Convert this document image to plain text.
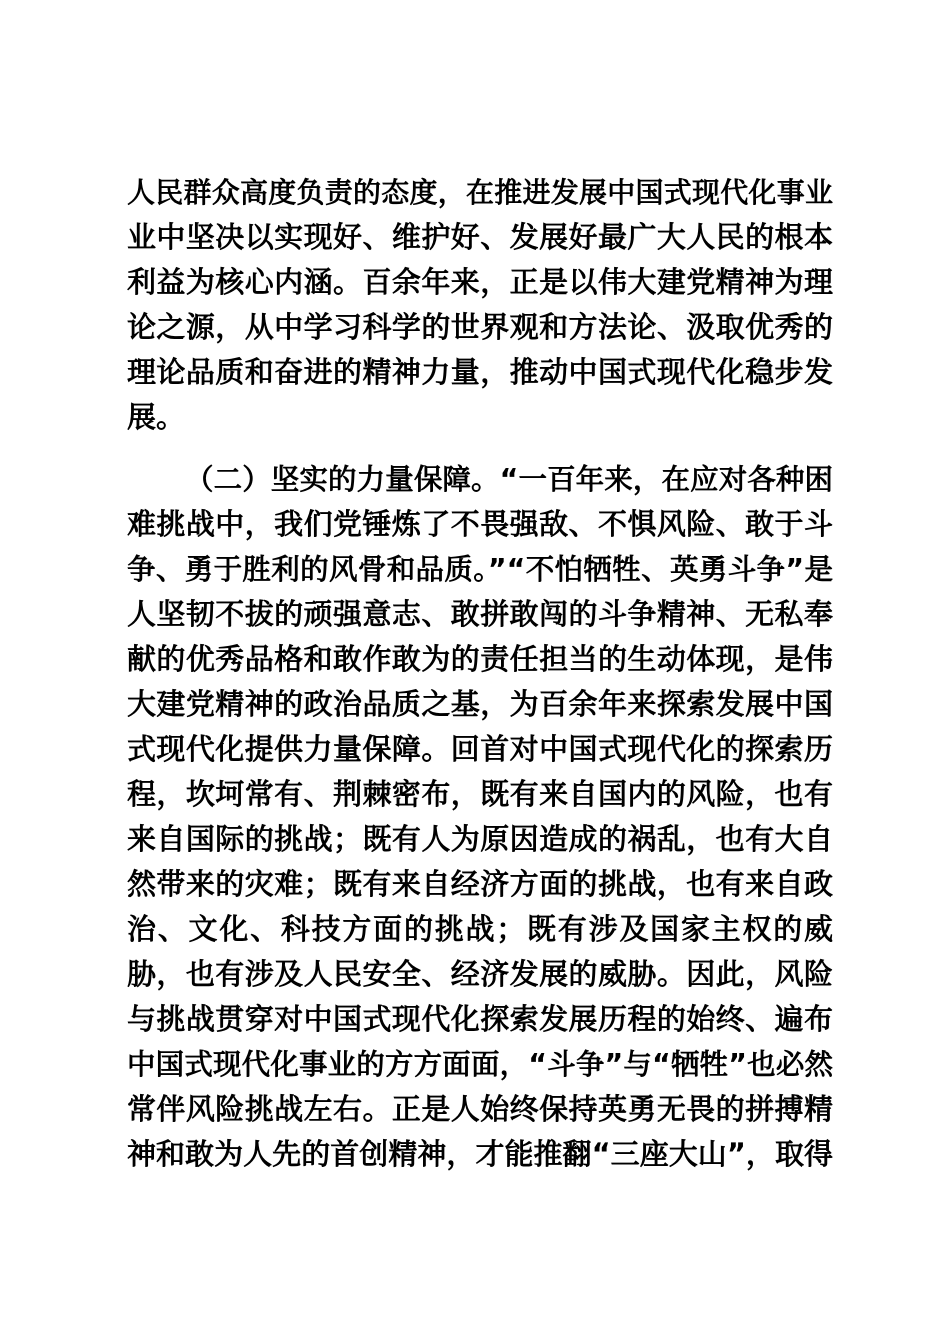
人民群众高度负责的态度，在推进发展中国式现代化事业
业中坚决以实现好、维护好、发展好最广大人民的根本
利益为核心内涵。百余年来，正是以伟大建党精神为理
论之源，从中学习科学的世界观和方法论、汲取优秀的
理论品质和奋进的精神力量，推动中国式现代化稳步发
展。
（二）坚实的力量保障。“一百年来，在应对各种困
难挑战中，我们党锤炼了不畏强敌、不惧风险、敢于斗
争、勇于胜利的风骨和品质。”“不怕牺牲、英勇斗争”是
人坚韧不拔的顽强意志、敢拼敢闯的斗争精神、无私奉
献的优秀品格和敢作敢为的责任担当的生动体现，是伟
大建党精神的政治品质之基，为百余年来探索发展中国
式现代化提供力量保障。回首对中国式现代化的探索历
程，坎坷常有、荆棘密布，既有来自国内的风险，也有
来自国际的挑战；既有人为原因造成的祸乱，也有大自
然带来的灾难；既有来自经济方面的挑战，也有来自政
治、文化、科技方面的挑战；既有涉及国家主权的威
胁，也有涉及人民安全、经济发展的威胁。因此，风险
与挑战贯穿对中国式现代化探索发展历程的始终、遍布
中国式现代化事业的方方面面，“斗争”与“牺牲”也必然
常伴风险挑战左右。正是人始终保持英勇无畏的拼搏精
神和敢为人先的首创精神，才能推翻“三座大山”，取得
